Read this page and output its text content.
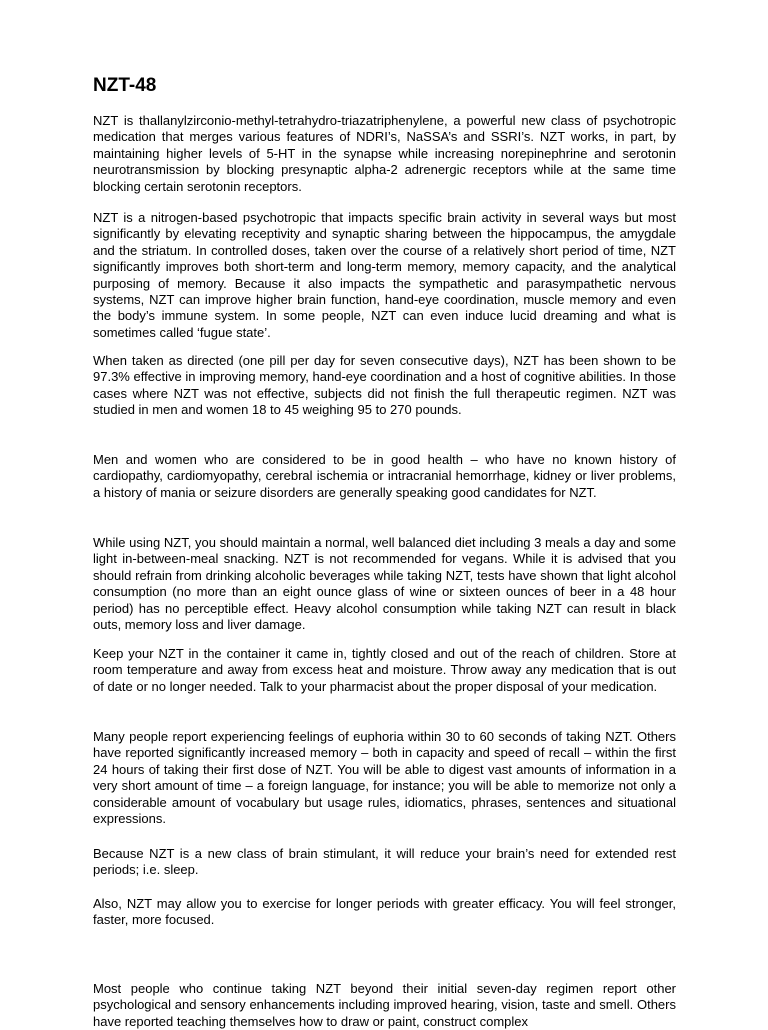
NZT-48

NZT is thallanylzirconio-methyl-tetrahydro-triazatriphenylene, a powerful new class of psychotropic medication that merges various features of NDRI’s, NaSSA’s and SSRI’s. NZT works, in part, by maintaining higher levels of 5-HT in the synapse while increasing norepinephrine and serotonin neurotransmission by blocking presynaptic alpha-2 adrenergic receptors while at the same time blocking certain serotonin receptors.

NZT is a nitrogen-based psychotropic that impacts specific brain activity in several ways but most significantly by elevating receptivity and synaptic sharing between the hippocampus, the amygdale and the striatum. In controlled doses, taken over the course of a relatively short period of time, NZT significantly improves both short-term and long-term memory, memory capacity, and the analytical purposing of memory. Because it also impacts the sympathetic and parasympathetic nervous systems, NZT can improve higher brain function, hand-eye coordination, muscle memory and even the body’s immune system. In some people, NZT can even induce lucid dreaming and what is sometimes called ‘fugue state’.

When taken as directed (one pill per day for seven consecutive days), NZT has been shown to be 97.3% effective in improving memory, hand-eye coordination and a host of cognitive abilities. In those cases where NZT was not effective, subjects did not finish the full therapeutic regimen. NZT was studied in men and women 18 to 45 weighing 95 to 270 pounds.

Men and women who are considered to be in good health – who have no known history of cardiopathy, cardiomyopathy, cerebral ischemia or intracranial hemorrhage, kidney or liver problems, a history of mania or seizure disorders are generally speaking good candidates for NZT.

While using NZT, you should maintain a normal, well balanced diet including 3 meals a day and some light in-between-meal snacking. NZT is not recommended for vegans. While it is advised that you should refrain from drinking alcoholic beverages while taking NZT, tests have shown that light alcohol consumption (no more than an eight ounce glass of wine or sixteen ounces of beer in a 48 hour period) has no perceptible effect. Heavy alcohol consumption while taking NZT can result in black outs, memory loss and liver damage.

Keep your NZT in the container it came in, tightly closed and out of the reach of children. Store at room temperature and away from excess heat and moisture. Throw away any medication that is out of date or no longer needed. Talk to your pharmacist about the proper disposal of your medication.

Many people report experiencing feelings of euphoria within 30 to 60 seconds of taking NZT. Others have reported significantly increased memory – both in capacity and speed of recall – within the first 24 hours of taking their first dose of NZT. You will be able to digest vast amounts of information in a very short amount of time – a foreign language, for instance; you will be able to memorize not only a considerable amount of vocabulary but usage rules, idiomatics, phrases, sentences and situational expressions.

Because NZT is a new class of brain stimulant, it will reduce your brain’s need for extended rest periods; i.e. sleep.

Also, NZT may allow you to exercise for longer periods with greater efficacy. You will feel stronger, faster, more focused.

Most people who continue taking NZT beyond their initial seven-day regimen report other psychological and sensory enhancements including improved hearing, vision, taste and smell. Others have reported teaching themselves how to draw or paint, construct complex
